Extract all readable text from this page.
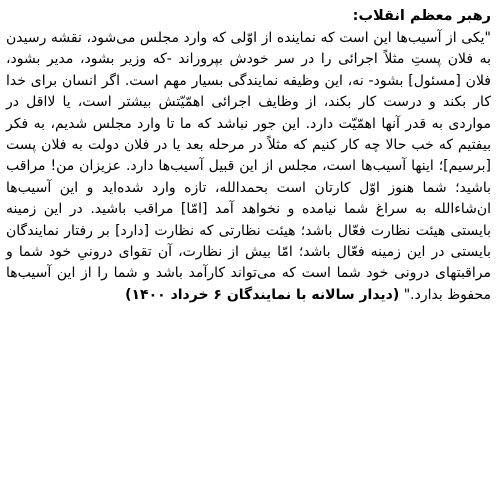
رهبر معظم انقلاب:

"یکی از آسیب‌ها این است که نماینده از اوّلی که وارد مجلس می‌شود، نقشه رسیدن به فلان پستِ مثلاً اجرائی را در سر خودش بپروراند -که وزیر بشود، مدیر بشود، فلان [مسئول] بشود- نه، این وظیفه نمایندگی بسیار مهم است. اگر انسان برای خدا کار بکند و درست کار بکند، از وظایف اجرائی اهمّیّتش بیشتر است، یا لااقل در مواردی به قدر آنها اهمّیّت دارد. این جور نباشد که ما تا وارد مجلس شدیم، به فکر بیفتیم که خب حالا چه کار کنیم که مثلاً در مرحله بعد یا در فلان دولت به فلان پست [برسیم]؛ اینها آسیب‌ها است، مجلس از این قبیل آسیب‌ها دارد. عزیزان من! مراقب باشید؛ شما هنوز اوّل کارتان است بحمدالله، تازه وارد شده‌اید و این آسیب‌ها ان‌شاءالله به سراغ شما نیامده و نخواهد آمد [امّا] مراقب باشید. در این زمینه بایستی هیئت نظارت فعّال باشد؛ هیئت نظارتی که نظارت [دارد] بر رفتار نمایندگان بایستی در این زمینه فعّال باشد؛ امّا بیش از نظارت، آن تقوای درونیِ خود شما و مراقبتهای درونی خود شما است که می‌تواند کارآمد باشد و شما را از این آسیب‌ها محفوظ بدارد." (دیدار سالانه با نمایندگان ۶ خرداد ۱۴۰۰)
